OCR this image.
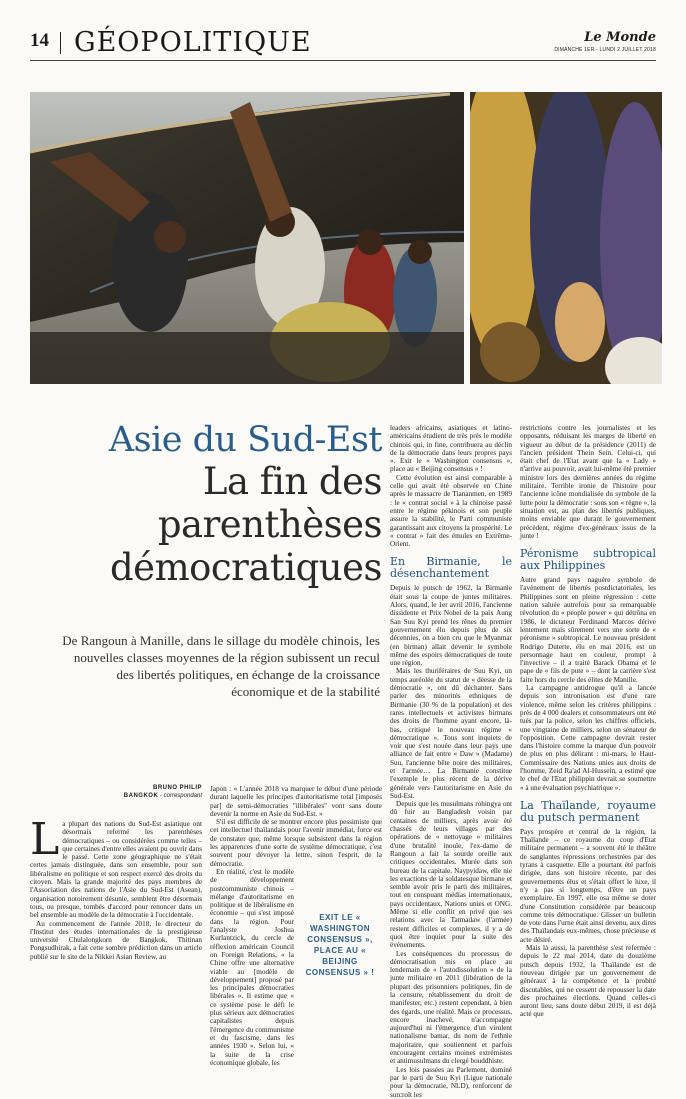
14 GÉOPOLITIQUE	Le Monde
DIMANCHE 1ER - LUNDI 2 JUILLET 2018
Asie du Sud-Est
La fin des
parenthèses
démocratiques
De Rangoun à Manille, dans le sillage du modèle chinois, les nouvelles classes moyennes de la région subissent un recul des libertés politiques, en échange de la croissance économique et de la stabilité
BRUNO PHILIP
BANGKOK - correspondant

La plupart des nations du Sud-Est asiatique ont désormais refermé les parenthèses démocratiques – ou considérées comme telles – que certaines d'entre elles avaient pu ouvrir dans le passé. Cette zone géographique ne s'était certes jamais distinguée, dans son ensemble, pour son libéralisme en politique et son respect exercé des droits du citoyen. Mais la grande majorité des pays membres de l'Association des nations de l'Asie du Sud-Est (Asean), organisation notoirement désunie, semblent être désormais tous, ou presque, tombés d'accord pour renoncer dans un bel ensemble au modèle de la démocratie à l'occidentale.

Au commencement de l'année 2018, le directeur de l'Institut des études internationales de la prestigieuse université Chulalongkorn de Bangkok, Thitinan Pongsudhirak, a fait cette sombre prédiction dans un article publié sur le site de la Nikkei Asian Review, au

Japon : « L'année 2018 va marquer le début d'une période durant laquelle les principes d'autoritarisme total [imposés par] de semi-démocraties "illibérales" vont sans doute devenir la norme en Asie du Sud-Est. »

S'il est difficile de se montrer encore plus pessimiste que cet intellectuel thaïlandais pour l'avenir immédiat, force est de constater que, même lorsque subsistent dans la région les apparences d'une sorte de système démocratique, c'est souvent pour dévoyer la lettre, sinon l'esprit, de la démocratie.

En réalité, c'est le modèle de développement postcommuniste chinois – mélange d'autoritarisme en politique et de libéralisme en économie – qui s'est imposé dans la région. Pour l'analyste Joshua Kurlantzick, du cercle de réflexion américain Council on Foreign Relations, « la Chine offre une alternative viable au [modèle de développement] proposé par les principales démocraties libérales ». Il estime que « ce système pose le défi le plus sérieux aux démocraties capitalistes depuis l'émergence du communisme et du fascisme, dans les années 1930 ». Selon lui, « la suite de la crise économique globale, les

EXIT LE « WASHINGTON CONSENSUS », PLACE AU « BEIJING CONSENSUS » !

leaders africains, asiatiques et latino-américains étudient de très près le modèle chinois qui, in fine, contribuera au déclin de la démocratie dans leurs propres pays ». Exit le « Washington consensus », place au « Beijing consensus » !

Cette évolution est ainsi comparable à celle qui avait été observée en Chine après le massacre de Tiananmen, en 1989 : le « contrat social » à la chinoise passé entre le régime pékinois et son peuple assure la stabilité, le Parti communiste garantissant aux citoyens la prospérité. Le « contrat » fait des émules en Extrême-Orient.

En Birmanie, le désenchantement

Depuis le putsch de 1962, la Birmanie était sous la coupe de juntes militaires. Alors, quand, le 1er avril 2016, l'ancienne dissidente et Prix Nobel de la paix Aung San Suu Kyi prend les rênes du premier gouvernement élu depuis plus de six décennies, on a bien cru que le Myanmar (en birman) allait devenir le symbole même des espoirs démocratiques de toute une région.

Mais les thuriféraires de Suu Kyi, un temps auréolée du statut de « déesse de la démocratie », ont dû déchanter. Sans parler des minorités ethniques de Birmanie (30 % de la population) et des rares intellectuels et activistes birmans des droits de l'homme ayant encore, là-bas, critiqué le nouveau régime « démocratique ». Tous sont inquiets de voir que s'est nouée dans leur pays une alliance de fait entre « Daw » (Madame) Suu, l'ancienne bête noire des militaires, et l'armée… La Birmanie constitue l'exemple le plus récent de la dérive générale vers l'autoritarisme en Asie du Sud-Est.

Depuis que les musulmans rohingya ont dû fuir au Bangladesh voisin par centaines de milliers, après avoir été chassés de leurs villages par des opérations de « nettoyage » militaires d'une brutalité inouïe, l'ex-dame de Rangoun a fait la sourde oreille aux critiques occidentales. Murée dans son bureau de la capitale, Naypyidaw, elle nie les exactions de la soldatesque birmane et semble avoir pris le parti des militaires, tout en conspuant médias internationaux, pays occidentaux, Nations unies et ONG. Même si elle conflit en privé que ses relations avec la Tatmadaw (l'armée) restent difficiles et complexes, il y a de quoi être inquiet pour la suite des événements.

Les conséquences du processus de démocratisation mis en place au lendemain de « l'autodissolution » de la junte militaire en 2011 (libération de la plupart des prisonniers politiques, fin de la censure, rétablissement du droit de manifester, etc.) restent cependant, à bien des égards, une réalité. Mais ce processus, encore inachevé, n'accompagne aujourd'hui ni l'émergence d'un virulent nationalisme bamar, du nom de l'ethnie majoritaire, que soutiennent et parfois encouragent certains moines extrémistes et antimusulmans du clergé bouddhiste.

Les lois passées au Parlement, dominé par le parti de Suu Kyi (Ligue nationale pour la démocratie, NLD), renforcent de surcroît les

restrictions contre les journalistes et les opposants, réduisant les marges de liberté en vigueur au début de la présidence (2011) de l'ancien président Thein Sein. Celui-ci, qui était chef de l'Etat avant que la « Lady » n'arrive au pouvoir, avait lui-même été premier ministre lors des dernières années du régime militaire. Terrible ironie de l'histoire pour l'ancienne icône mondialisée du symbole de la lutte pour la démocratie : sous son « règne », la situation est, au plan des libertés publiques, moins enviable que durant le gouvernement précédent, régime d'ex-généraux issus de la junte !

Péronisme subtropical aux Philippines

Autre grand pays naguère symbole de l'avènement de libertés postdictatoriales, les Philippines sont en pleine régression : cette nation saluée autrefois pour sa remarquable révolution du « people power » qui détrôna en 1986, le dictateur Ferdinand Marcos dérive lentement mais sûrement vers une sorte de « péronisme » subtropical. Le nouveau président Rodrigo Duterte, élu en mai 2016, est un personnage haut en couleur, prompt à l'invective – il a traité Barack Obama et le pape de « fils de pute » – dont la carrière s'est faite hors du cercle des élites de Manille.

La campagne antidrogue qu'il a lancée depuis son intronisation est d'une rare violence, même selon les critères philippins : près de 4 000 dealers et consommateurs ont été tués par la police, selon les chiffres officiels, une vingtaine de milliers, selon un sénateur de l'opposition. Cette campagne devrait rester dans l'histoire comme la marque d'un pouvoir de plus en plus délirant : mi-mars, le Haut-Commissaire des Nations unies aux droits de l'homme, Zeid Ra'ad Al-Hussein, a estimé que le chef de l'Etat philippin devrait se soumettre « à une évaluation psychiatrique ».

La Thaïlande, royaume du putsch permanent

Pays prospère et central de la région, la Thaïlande – ce royaume du coup d'Etat militaire permanent – a souvent été le théâtre de sanglantes répressions orchestrées par des tyrans à casquette. Elle a pourtant été parfois dirigée, dans son histoire récente, par des gouvernements élus et s'était offert le luxe, il n'y a pas si longtemps, d'être un pays exemplaire. En 1997, elle osa même se doter d'une Constitution considérée par beaucoup comme très démocratique. Glisser un bulletin de vote dans l'urne était ainsi devenu, aux dires des Thaïlandais eux-mêmes, chose précieuse et acte désiré.

Mais là aussi, la parenthèse s'est refermée : depuis le 22 mai 2014, date du douzième putsch depuis 1932, la Thaïlande est de nouveau dirigée par un gouvernement de généraux à la compétence et la probité discutables, qui ne cessent de repousser la date des prochaines élections. Quand celles-ci auront lieu, sans doute début 2019, il est déjà acté que
